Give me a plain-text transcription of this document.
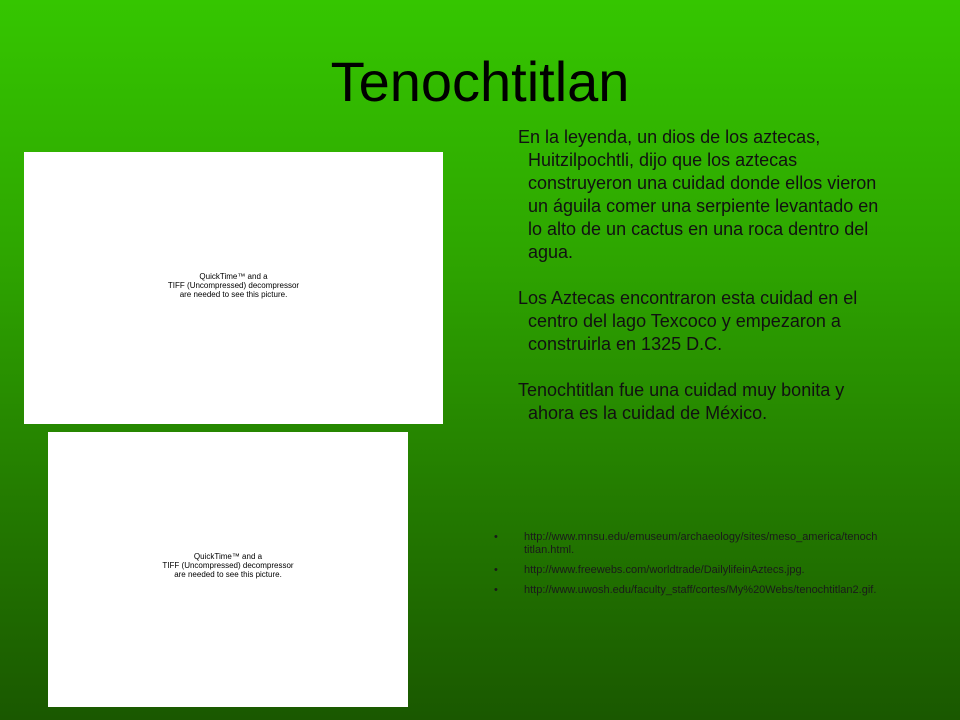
Tenochtitlan
QuickTime™ and a
TIFF (Uncompressed) decompressor
are needed to see this picture.
QuickTime™ and a
TIFF (Uncompressed) decompressor
are needed to see this picture.

En la leyenda, un dios de los aztecas, Huitzilpochtli, dijo que los aztecas construyeron una cuidad donde ellos vieron un águila comer una serpiente levantado en lo alto de un cactus en una roca dentro del agua.

Los Aztecas encontraron esta cuidad en el centro del lago Texcoco y empezaron a construirla en 1325 D.C.

Tenochtitlan fue una cuidad muy bonita y ahora es la cuidad de México.

• http://www.mnsu.edu/emuseum/archaeology/sites/meso_america/tenochtitlan.html.
• http://www.freewebs.com/worldtrade/DailylifeinAztecs.jpg.
• http://www.uwosh.edu/faculty_staff/cortes/My%20Webs/tenochtitlan2.gif.
